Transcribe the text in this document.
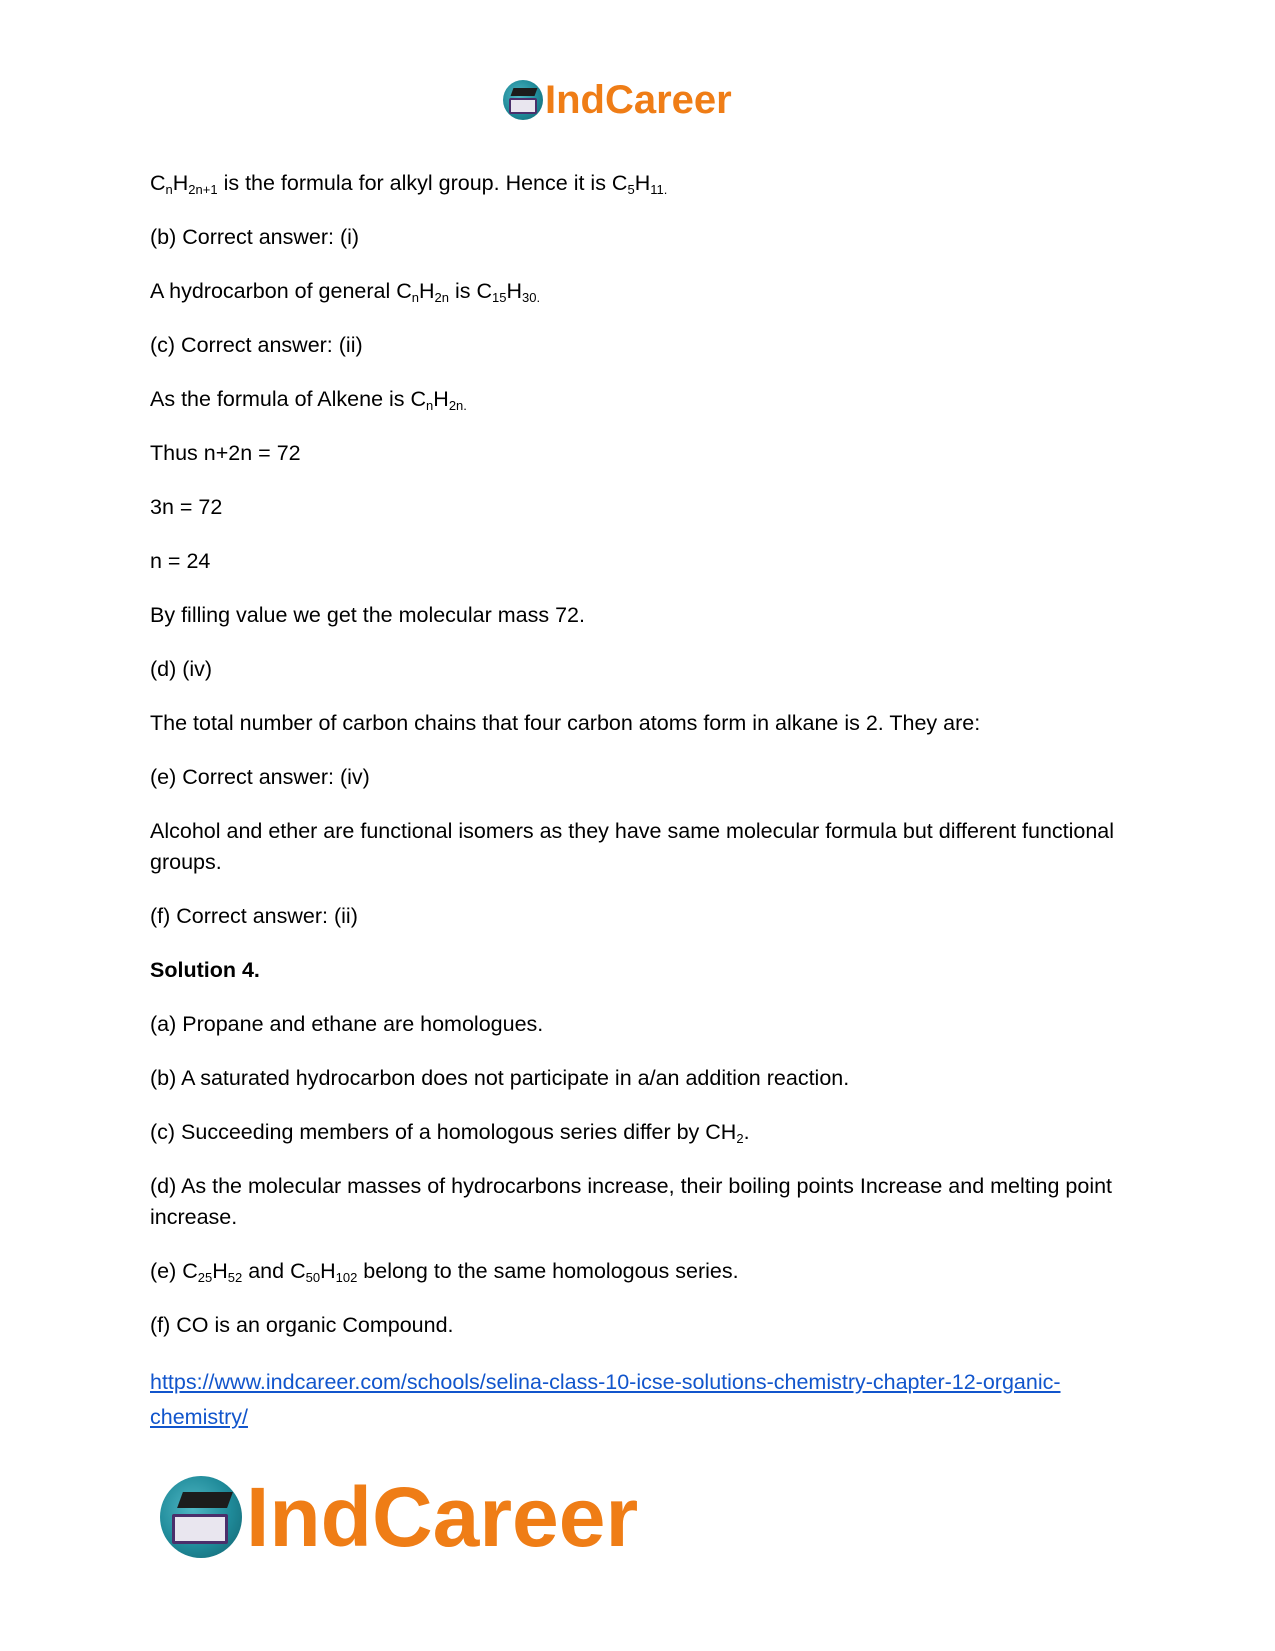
IndCareer
$C_nH_{2n+1}$ is the formula for alkyl group. Hence it is $C_5H_{11.}$
(b) Correct answer: (i)
A hydrocarbon of general $C_nH_{2n}$ is $C_{15}H_{30.}$
(c) Correct answer: (ii)
As the formula of Alkene is $C_nH_{2n.}$
Thus n+2n = 72
3n = 72
n = 24
By filling value we get the molecular mass 72.
(d) (iv)
The total number of carbon chains that four carbon atoms form in alkane is 2. They are:
(e) Correct answer: (iv)
Alcohol and ether are functional isomers as they have same molecular formula but different functional groups.
(f) Correct answer: (ii)
Solution 4.
(a) Propane and ethane are homologues.
(b) A saturated hydrocarbon does not participate in a/an addition reaction.
(c) Succeeding members of a homologous series differ by $CH_2$.
(d) As the molecular masses of hydrocarbons increase, their boiling points Increase and melting point increase.
(e) $C_{25}H_{52}$ and $C_{50}H_{102}$ belong to the same homologous series.
(f) CO is an organic Compound.
https://www.indcareer.com/schools/selina-class-10-icse-solutions-chemistry-chapter-12-organic-chemistry/
IndCareer
